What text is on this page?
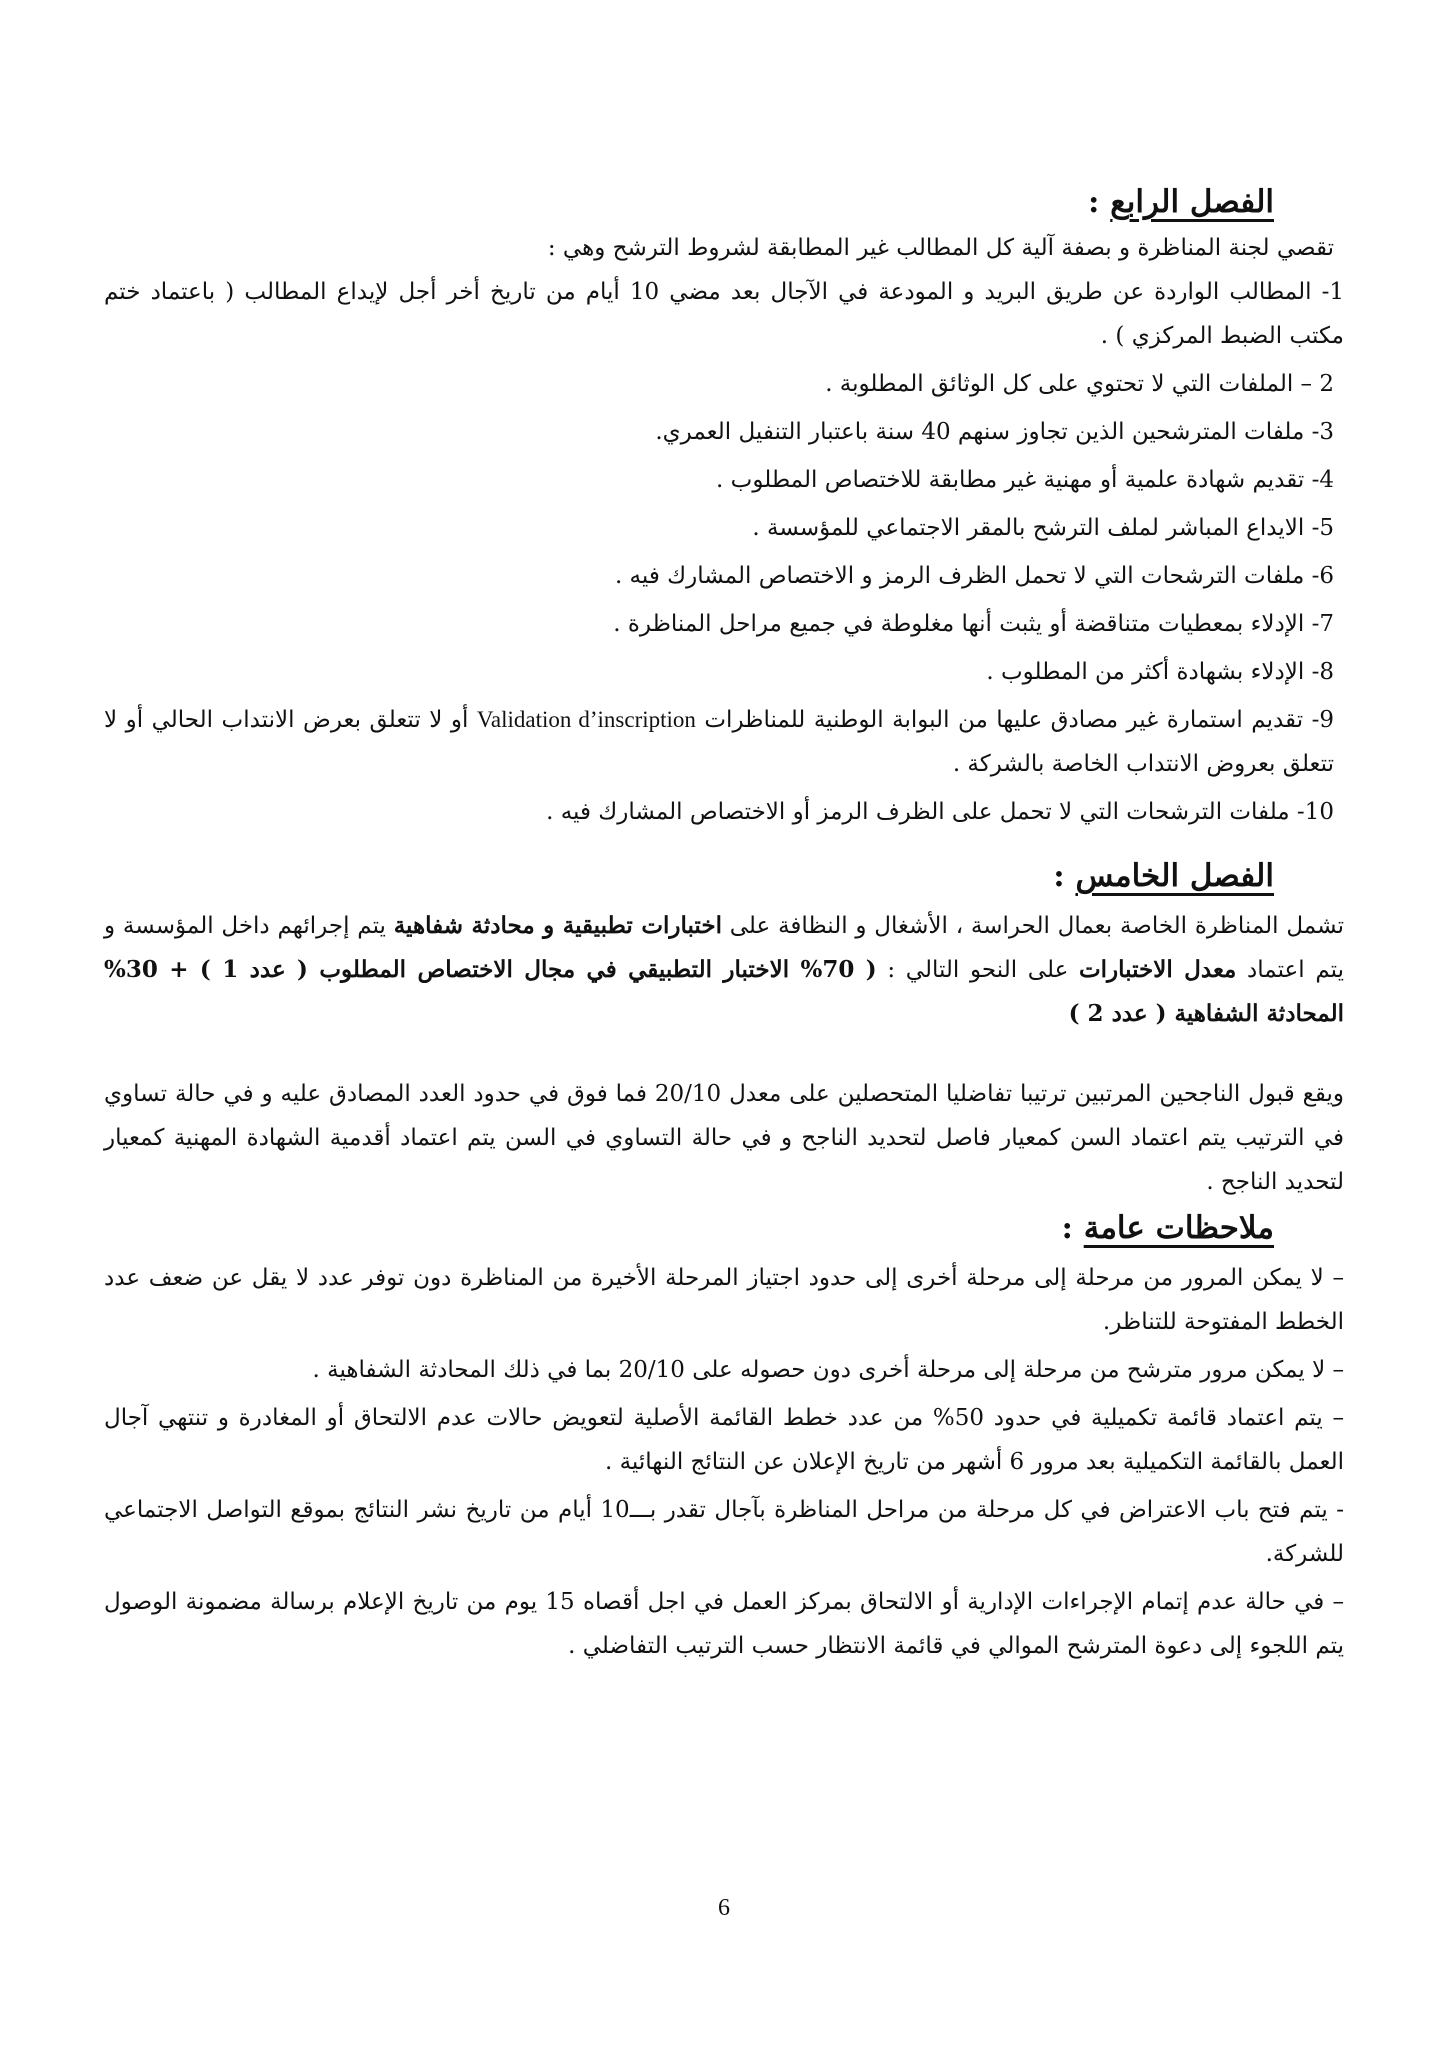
الفصل الرابع :
تقصي لجنة المناظرة و بصفة آلية كل المطالب غير المطابقة لشروط الترشح وهي :
1- المطالب الواردة عن طريق البريد و المودعة في الآجال بعد مضي 10 أيام من تاريخ أخر أجل لإيداع المطالب ( باعتماد ختم مكتب الضبط المركزي ) .
2 – الملفات التي لا تحتوي على كل الوثائق المطلوبة .
3- ملفات المترشحين الذين تجاوز سنهم 40 سنة باعتبار التنفيل العمري.
4- تقديم شهادة علمية أو مهنية غير مطابقة للاختصاص المطلوب .
5- الايداع المباشر لملف الترشح بالمقر الاجتماعي للمؤسسة .
6- ملفات الترشحات التي لا تحمل الظرف الرمز و الاختصاص المشارك فيه .
7- الإدلاء بمعطيات متناقضة أو يثبت أنها مغلوطة في جميع مراحل المناظرة .
8- الإدلاء بشهادة أكثر من المطلوب .
9- تقديم استمارة غير مصادق عليها من البوابة الوطنية للمناظرات Validation d’inscription أو لا تتعلق بعرض الانتداب الحالي أو لا تتعلق بعروض الانتداب الخاصة بالشركة .
10- ملفات الترشحات التي لا تحمل على الظرف الرمز أو الاختصاص المشارك فيه .
الفصل الخامس :
تشمل المناظرة الخاصة بعمال الحراسة ، الأشغال و النظافة على اختبارات تطبيقية و محادثة شفاهية يتم إجرائهم داخل المؤسسة و يتم اعتماد معدل الاختبارات على النحو التالي : ( 70% الاختبار التطبيقي في مجال الاختصاص المطلوب ( عدد 1 ) + 30% المحادثة الشفاهية ( عدد 2 )
ويقع قبول الناجحين المرتبين ترتيبا تفاضليا المتحصلين على معدل 20/10 فما فوق في حدود العدد المصادق عليه و في حالة تساوي في الترتيب يتم اعتماد السن كمعيار فاصل لتحديد الناجح و في حالة التساوي في السن يتم اعتماد أقدمية الشهادة المهنية كمعيار لتحديد الناجح .
ملاحظات عامة :
– لا يمكن المرور من مرحلة إلى مرحلة أخرى إلى حدود اجتياز المرحلة الأخيرة من المناظرة دون توفر عدد لا يقل عن ضعف عدد الخطط المفتوحة للتناظر.
– لا يمكن مرور مترشح من مرحلة إلى مرحلة أخرى دون حصوله على 20/10 بما في ذلك المحادثة الشفاهية .
– يتم اعتماد قائمة تكميلية في حدود 50% من عدد خطط القائمة الأصلية لتعويض حالات عدم الالتحاق أو المغادرة و تنتهي آجال العمل بالقائمة التكميلية بعد مرور 6 أشهر من تاريخ الإعلان عن النتائج النهائية .
- يتم فتح باب الاعتراض في كل مرحلة من مراحل المناظرة بآجال تقدر بـــ10 أيام من تاريخ نشر النتائج بموقع التواصل الاجتماعي للشركة.
– في حالة عدم إتمام الإجراءات الإدارية أو الالتحاق بمركز العمل في اجل أقصاه 15 يوم من تاريخ الإعلام برسالة مضمونة الوصول يتم اللجوء إلى دعوة المترشح الموالي في قائمة الانتظار حسب الترتيب التفاضلي .
6
